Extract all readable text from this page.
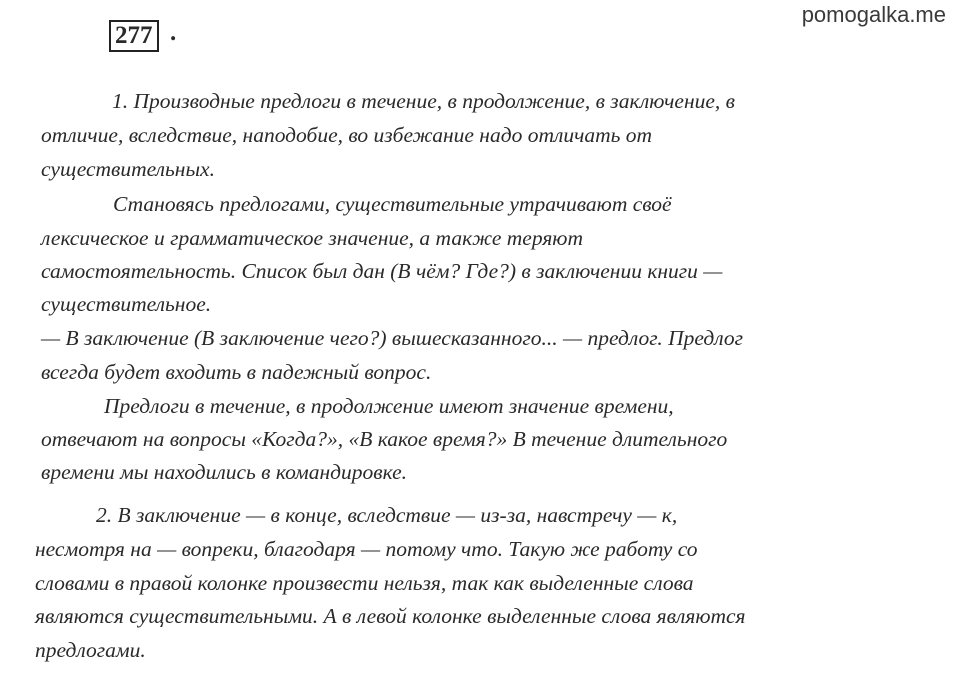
pomogalka.me
277 .
1. Производные предлоги в течение, в продолжение, в заключение, в
отличие, вследствие, наподобие, во избежание надо отличать от
существительных.
Становясь предлогами, существительные утрачивают своё
лексическое и грамматическое значение, а также теряют
самостоятельность. Список был дан (В чём? Где?) в заключении книги —
существительное.
— В заключение (В заключение чего?) вышесказанного... — предлог. Предлог
всегда будет входить в падежный вопрос.
Предлоги в течение, в продолжение имеют значение времени,
отвечают на вопросы «Когда?», «В какое время?» В течение длительного
времени мы находились в командировке.
2. В заключение — в конце, вследствие — из-за, навстречу — к,
несмотря на — вопреки, благодаря — потому что. Такую же работу со
словами в правой колонке произвести нельзя, так как выделенные слова
являются существительными. А в левой колонке выделенные слова являются
предлогами.
